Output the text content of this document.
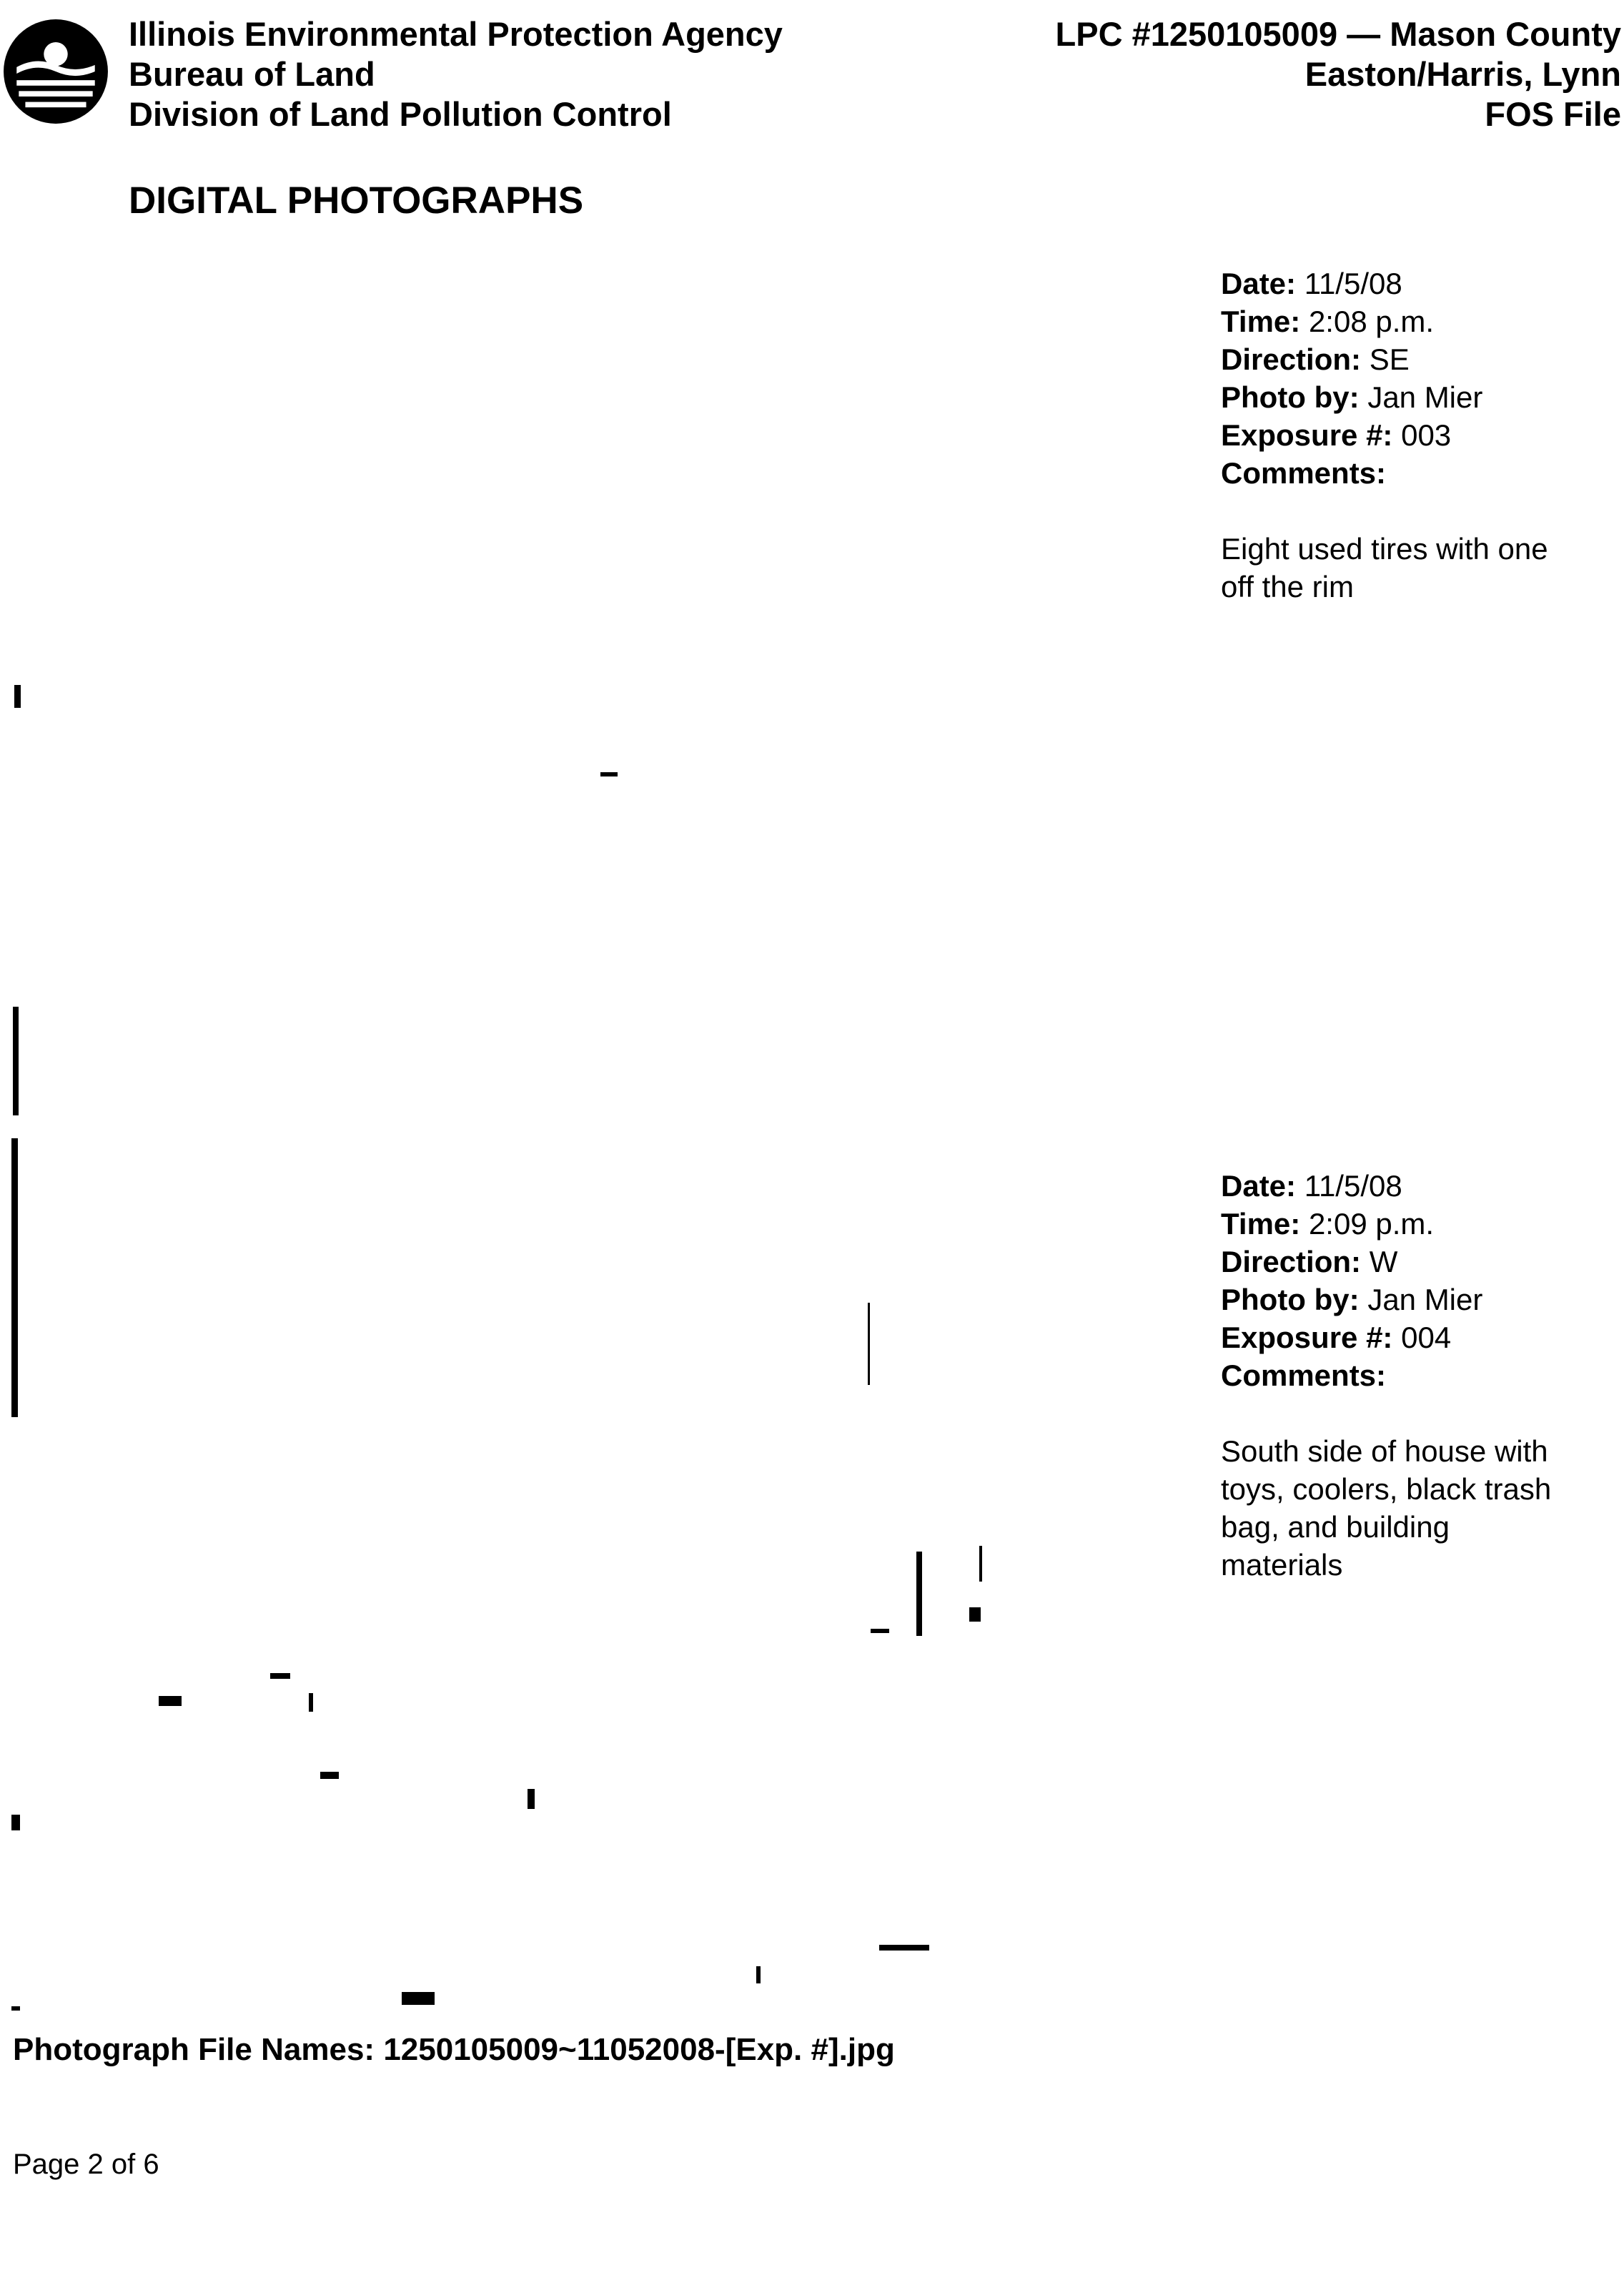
Illinois Environmental Protection Agency
Bureau of Land
Division of Land Pollution Control
LPC #1250105009 — Mason County
Easton/Harris, Lynn
FOS File
DIGITAL PHOTOGRAPHS
Date: 11/5/08
Time: 2:08 p.m.
Direction: SE
Photo by: Jan Mier
Exposure #: 003
Comments:
Eight used tires with one
off the rim
Date: 11/5/08
Time: 2:09 p.m.
Direction: W
Photo by: Jan Mier
Exposure #: 004
Comments:
South side of house with
toys, coolers, black trash
bag, and building
materials
Photograph File Names: 1250105009~11052008-[Exp. #].jpg
Page 2 of 6
